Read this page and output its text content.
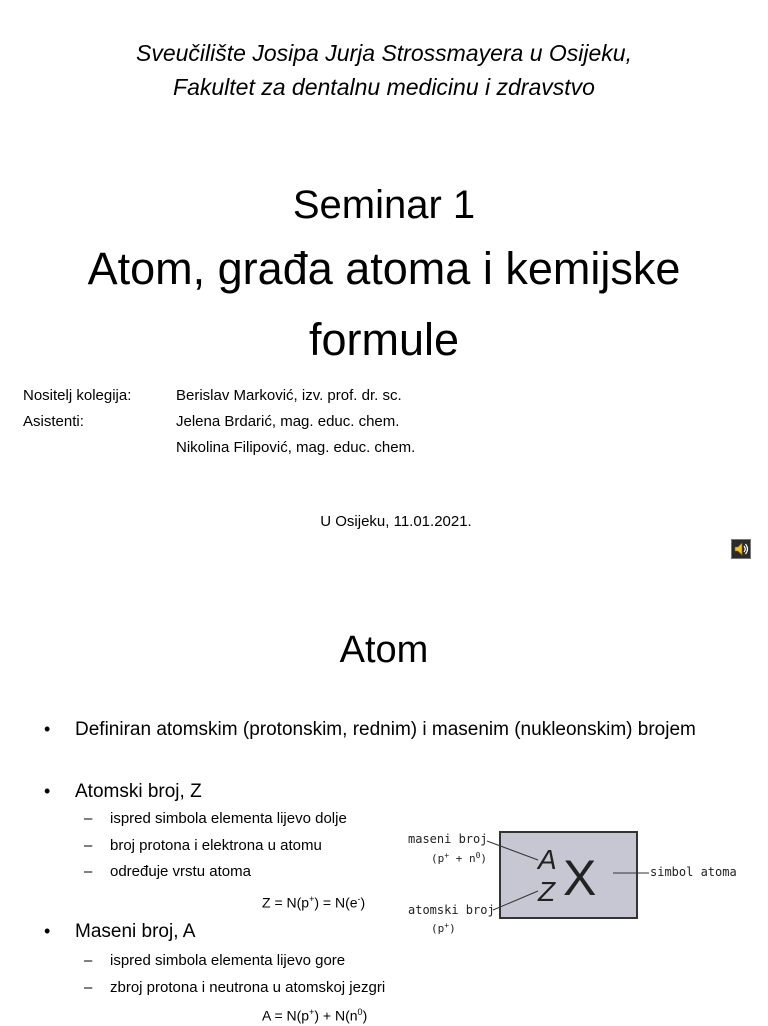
Sveučilište Josipa Jurja Strossmayera u Osijeku,
Fakultet za dentalnu medicinu i zdravstvo
Seminar 1
Atom, građa atoma i kemijske
formule
Nositelj kolegija:	Berislav Marković, izv. prof. dr. sc.
Asistenti:	Jelena Brdarić, mag. educ. chem.
Nikolina Filipović, mag. educ. chem.
U Osijeku, 11.01.2021.
Atom
• Definiran atomskim (protonskim, rednim) i masenim (nukleonskim) brojem
• Atomski broj, Z
– ispred simbola elementa lijevo dolje
– broj protona i elektrona u atomu
– određuje vrstu atoma
Z = N(p+) = N(e-)
• Maseni broj, A
– ispred simbola elementa lijevo gore
– zbroj protona i neutrona u atomskoj jezgri
$A = N(p^+) + N(n^0)$
A
Z X
maseni broj
$(p^+ + n^0)$
atomski broj
(p+)
simbol atoma
